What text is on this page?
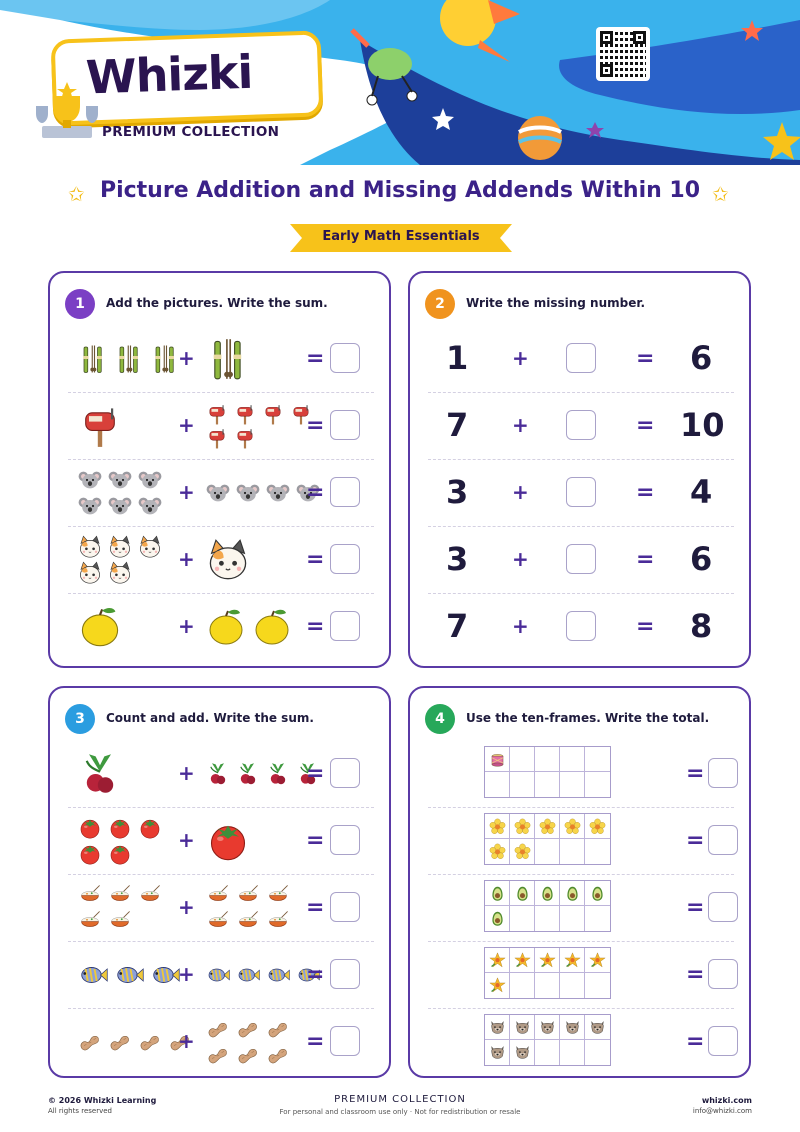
Whizki
PREMIUM COLLECTION
✩ Picture Addition and Missing Addends Within 10 ✩
Early Math Essentials
1	Add the pictures. Write the sum.
+	=
+	=
+	=
+	=
+	=
2	Write the missing number.
1 +	= 6
7 +	= 10
3 +	= 4
3 +	= 6
7 +	= 8
3	Count and add. Write the sum.
+	=
+	=
+	=
+	=
+	=
4	Use the ten-frames. Write the total.
=
=
=
=
=
© 2026 Whizki Learning
All rights reserved
PREMIUM COLLECTION
For personal and classroom use only · Not for redistribution or resale
whizki.com
info@whizki.com
